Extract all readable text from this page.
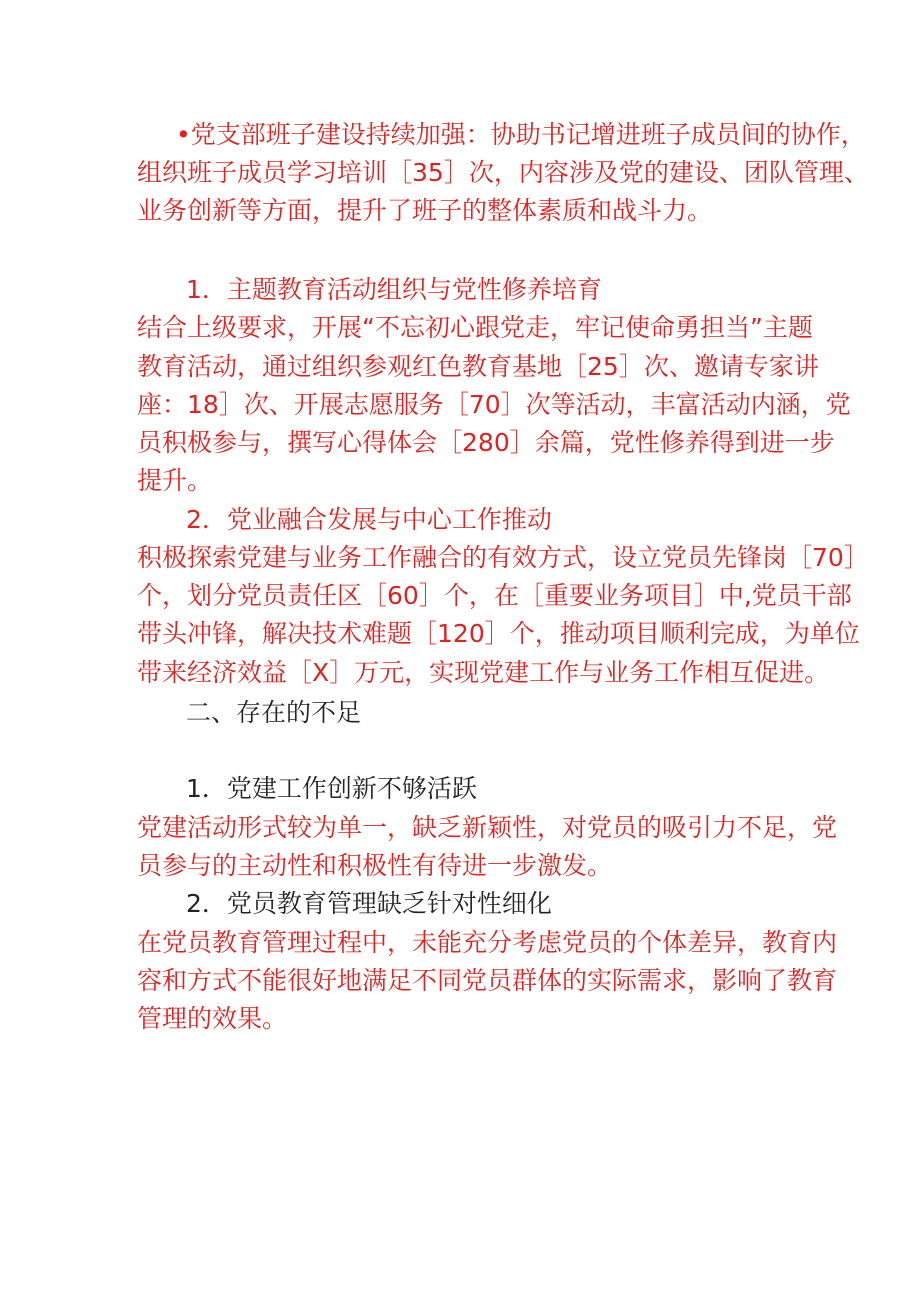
•党支部班子建设持续加强：协助书记增进班子成员间的协作，
组织班子成员学习培训［35］次，内容涉及党的建设、团队管理、
业务创新等方面，提升了班子的整体素质和战斗力。
1．主题教育活动组织与党性修养培育
结合上级要求，开展“不忘初心跟党走，牢记使命勇担当”主题
教育活动，通过组织参观红色教育基地［25］次、邀请专家讲
座：18］次、开展志愿服务［70］次等活动，丰富活动内涵，党
员积极参与，撰写心得体会［280］余篇，党性修养得到进一步
提升。
2．党业融合发展与中心工作推动
积极探索党建与业务工作融合的有效方式，设立党员先锋岗［70］
个，划分党员责任区［60］个，在［重要业务项目］中,党员干部
带头冲锋，解决技术难题［120］个，推动项目顺利完成，为单位
带来经济效益［X］万元，实现党建工作与业务工作相互促进。
二、存在的不足
1．党建工作创新不够活跃
党建活动形式较为单一，缺乏新颖性，对党员的吸引力不足，党
员参与的主动性和积极性有待进一步激发。
2．党员教育管理缺乏针对性细化
在党员教育管理过程中，未能充分考虑党员的个体差异，教育内
容和方式不能很好地满足不同党员群体的实际需求，影响了教育
管理的效果。
